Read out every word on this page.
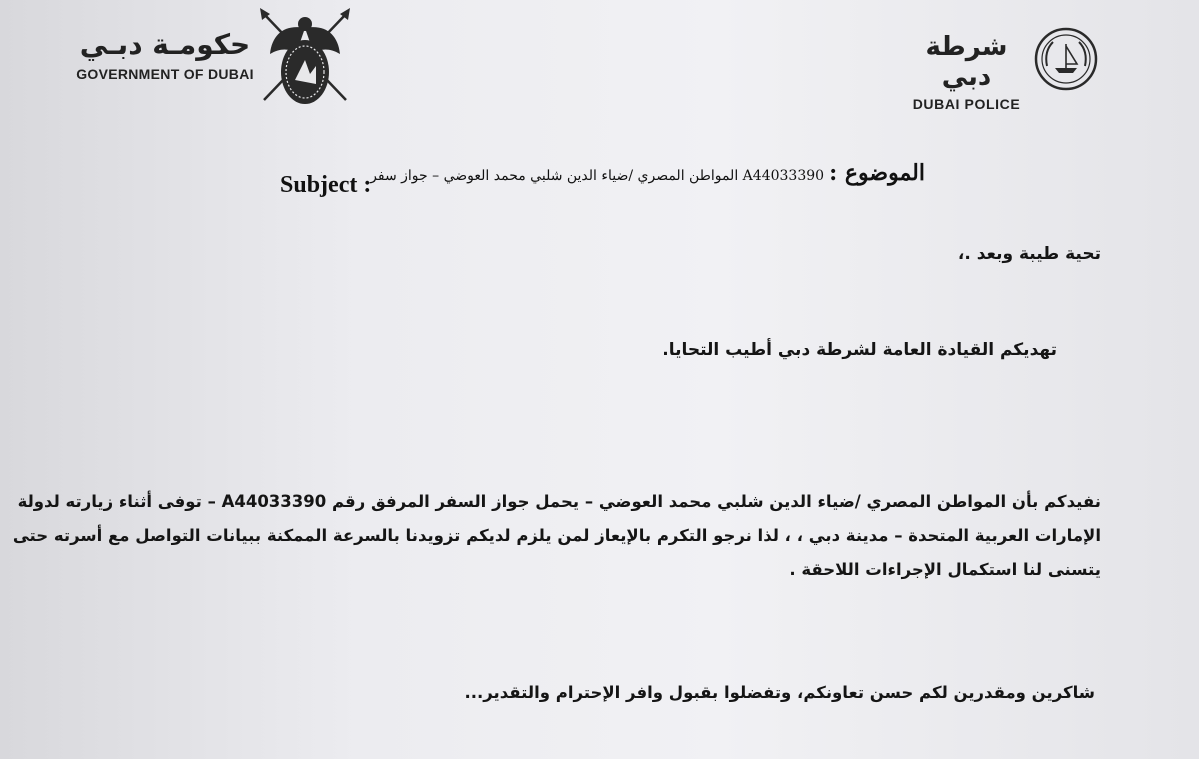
حكومـة دبـي
GOVERNMENT OF DUBAI
شرطة دبي
DUBAI POLICE
Subject :	الموضوع : A44033390 المواطن المصري /ضياء الدين شلبي محمد العوضي – جواز سفر
تحية طيبة وبعد .،
تهديكم القيادة العامة لشرطة دبي أطيب التحايا.
نفيدكم بأن المواطن المصري /ضياء الدين شلبي محمد العوضي – يحمل جواز السفر المرفق رقم A44033390 – توفى أثناء زيارته لدولة
الإمارات العربية المتحدة – مدينة دبي ، ، لذا نرجو التكرم بالإيعاز لمن يلزم لديكم تزويدنا بالسرعة الممكنة ببيانات التواصل مع أسرته حتى
يتسنى لنا استكمال الإجراءات اللاحقة .
شاكرين ومقدرين لكم حسن تعاونكم، وتفضلوا بقبول وافر الإحترام والتقدير...
